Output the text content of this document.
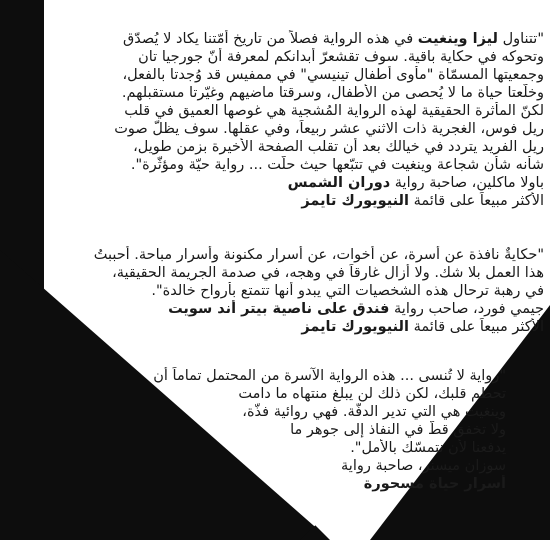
"تتناول ليزا وينغيت في هذه الرواية فصلاً من تاريخ أمّتنا يكاد لا يُصدّق
وتحوكه في حكاية باقية. سوف تقشعرّ أبدانكم لمعرفة أنّ جورجيا تان
وجمعيتها المسمّاة "مأوى أطفال تينيسي" في ممفيس قد وُجدتا بالفعل،
وخلّعتا حياة ما لا يُحصى من الأطفال، وسرقتا ماضيهم وغيّرتا مستقبلهم.
لكنّ المأثرة الحقيقية لهذه الرواية المُشجية هي غوصها العميق في قلب
ريل فوس، الغجرية ذات الاثني عشر ربيعاً، وفي عقلها. سوف يظلّ صوت
ريل الفريد يتردد في خيالك بعد أن تقلب الصفحة الأخيرة بزمن طويل،
شأنه شأن شجاعة وينغيت في تتبّعها حيث حلّت ... رواية حيّة ومؤثّرة".
باولا ماكلين، صاحبة رواية دوران الشمس
الأكثر مبيعاً على قائمة النيويورك تايمز
"حكايةٌ نافذة عن أسرة، عن أخوات، عن أسرار مكنونة وأسرار مباحة. أحببتُ
هذا العمل بلا شك. ولا أزال غارقاً في وهجه، في صدمة الجريمة الحقيقية،
في رهبة ترحال هذه الشخصيات التي يبدو أنها تتمتع بأرواح خالدة".
جيمي فورد، صاحب رواية فندق على ناصية بيتر أند سويت
الأكثر مبيعاً على قائمة النيويورك تايمز
"رواية لا تُنسى ... هذه الرواية الآسرة من المحتمل تماماً أن
تحطم قلبك، لكن ذلك لن يبلغ منتهاه ما دامت
وينغيت هي التي تدير الدفّة. فهي روائية فذّة،
ولا تخفق قطّ في النفاذ إلى جوهر ما
يدفعنا لأن نتمسّك بالأمل".
سوزان ميسنر، صاحبة رواية
أسرار حياة مسحورة
